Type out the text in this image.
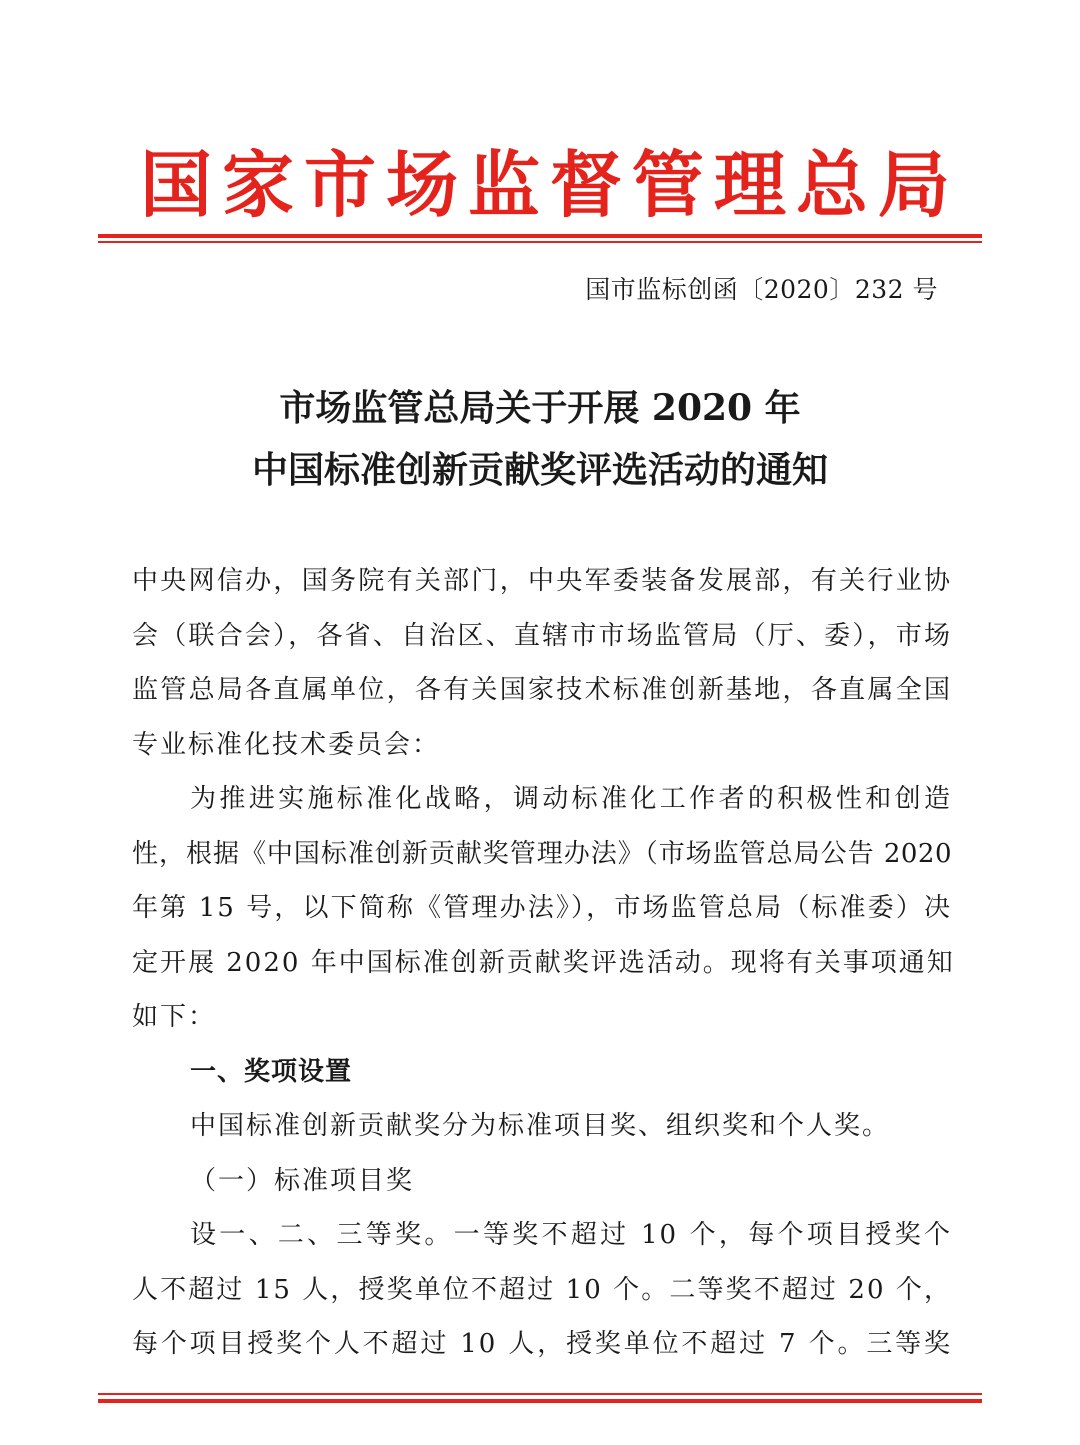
国 家 市 场 监 督 管 理 总 局
国市监标创函〔2020〕232 号
市场监管总局关于开展 2020 年
中国标准创新贡献奖评选活动的通知
中央网信办，国务院有关部门，中央军委装备发展部，有关行业协
会（联合会），各省、自治区、直辖市市场监管局（厅、委），市场
监管总局各直属单位，各有关国家技术标准创新基地，各直属全国
专业标准化技术委员会：
为推进实施标准化战略，调动标准化工作者的积极性和创造
性，根据《中国标准创新贡献奖管理办法》（市场监管总局公告 2020
年第 15 号，以下简称《管理办法》），市场监管总局（标准委）决
定开展 2020 年中国标准创新贡献奖评选活动。现将有关事项通知
如下：
一、奖项设置
中国标准创新贡献奖分为标准项目奖、组织奖和个人奖。
（一）标准项目奖
设一、二、三等奖。一等奖不超过 10 个，每个项目授奖个
人不超过 15 人，授奖单位不超过 10 个。二等奖不超过 20 个，
每个项目授奖个人不超过 10 人，授奖单位不超过 7 个。三等奖
